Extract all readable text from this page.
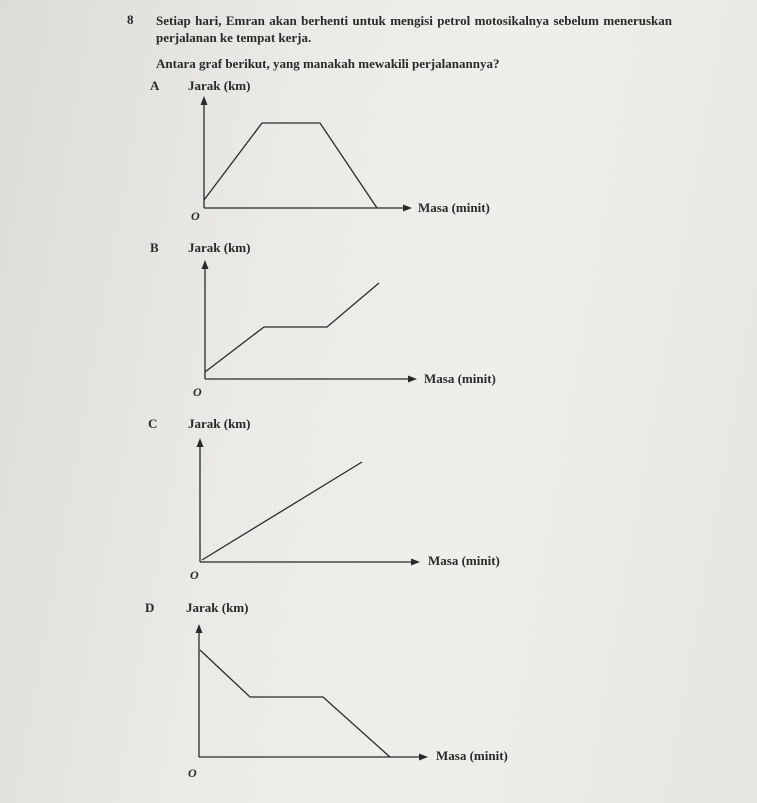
8 Setiap hari, Emran akan berhenti untuk mengisi petrol motosikalnya sebelum meneruskan perjalanan ke tempat kerja.
Antara graf berikut, yang manakah mewakili perjalanannya?
A Jarak (km)
Masa (minit)
O
B Jarak (km)
Masa (minit)
O
C Jarak (km)
Masa (minit)
O
D Jarak (km)
Masa (minit)
O
